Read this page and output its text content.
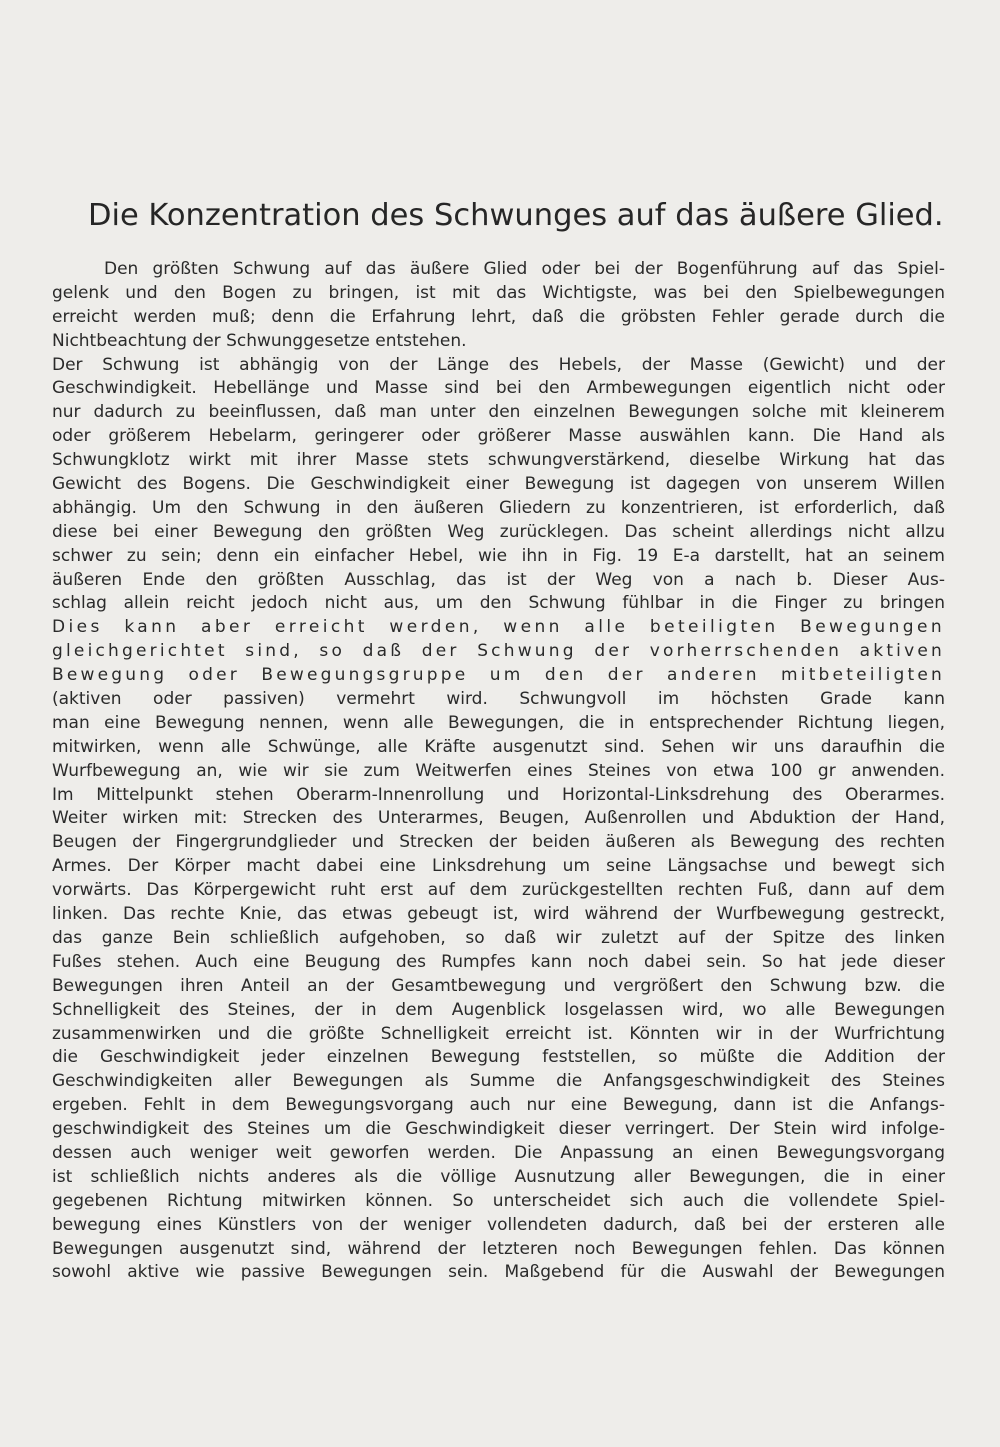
Die Konzentration des Schwunges auf das äußere Glied.
Den größten Schwung auf das äußere Glied oder bei der Bogenführung auf das Spiel-
gelenk und den Bogen zu bringen, ist mit das Wichtigste, was bei den Spielbewegungen
erreicht werden muß; denn die Erfahrung lehrt, daß die gröbsten Fehler gerade durch die
Nichtbeachtung der Schwunggesetze entstehen.
Der Schwung ist abhängig von der Länge des Hebels, der Masse (Gewicht) und der
Geschwindigkeit. Hebellänge und Masse sind bei den Armbewegungen eigentlich nicht oder
nur dadurch zu beeinflussen, daß man unter den einzelnen Bewegungen solche mit kleinerem
oder größerem Hebelarm, geringerer oder größerer Masse auswählen kann. Die Hand als
Schwungklotz wirkt mit ihrer Masse stets schwungverstärkend, dieselbe Wirkung hat das
Gewicht des Bogens. Die Geschwindigkeit einer Bewegung ist dagegen von unserem Willen
abhängig. Um den Schwung in den äußeren Gliedern zu konzentrieren, ist erforderlich, daß
diese bei einer Bewegung den größten Weg zurücklegen. Das scheint allerdings nicht allzu
schwer zu sein; denn ein einfacher Hebel, wie ihn in Fig. 19 E-a darstellt, hat an seinem
äußeren Ende den größten Ausschlag, das ist der Weg von a nach b. Dieser Aus-
schlag allein reicht jedoch nicht aus, um den Schwung fühlbar in die Finger zu bringen
Dies kann aber erreicht werden, wenn alle beteiligten Bewegungen
gleichgerichtet sind, so daß der Schwung der vorherrschenden aktiven
Bewegung oder Bewegungsgruppe um den der anderen mitbeteiligten
(aktiven oder passiven) vermehrt wird. Schwungvoll im höchsten Grade kann
man eine Bewegung nennen, wenn alle Bewegungen, die in entsprechender Richtung liegen,
mitwirken, wenn alle Schwünge, alle Kräfte ausgenutzt sind. Sehen wir uns daraufhin die
Wurfbewegung an, wie wir sie zum Weitwerfen eines Steines von etwa 100 gr anwenden.
Im Mittelpunkt stehen Oberarm-Innenrollung und Horizontal-Linksdrehung des Oberarmes.
Weiter wirken mit: Strecken des Unterarmes, Beugen, Außenrollen und Abduktion der Hand,
Beugen der Fingergrundglieder und Strecken der beiden äußeren als Bewegung des rechten
Armes. Der Körper macht dabei eine Linksdrehung um seine Längsachse und bewegt sich
vorwärts. Das Körpergewicht ruht erst auf dem zurückgestellten rechten Fuß, dann auf dem
linken. Das rechte Knie, das etwas gebeugt ist, wird während der Wurfbewegung gestreckt,
das ganze Bein schließlich aufgehoben, so daß wir zuletzt auf der Spitze des linken
Fußes stehen. Auch eine Beugung des Rumpfes kann noch dabei sein. So hat jede dieser
Bewegungen ihren Anteil an der Gesamtbewegung und vergrößert den Schwung bzw. die
Schnelligkeit des Steines, der in dem Augenblick losgelassen wird, wo alle Bewegungen
zusammenwirken und die größte Schnelligkeit erreicht ist. Könnten wir in der Wurfrichtung
die Geschwindigkeit jeder einzelnen Bewegung feststellen, so müßte die Addition der
Geschwindigkeiten aller Bewegungen als Summe die Anfangsgeschwindigkeit des Steines
ergeben. Fehlt in dem Bewegungsvorgang auch nur eine Bewegung, dann ist die Anfangs-
geschwindigkeit des Steines um die Geschwindigkeit dieser verringert. Der Stein wird infolge-
dessen auch weniger weit geworfen werden. Die Anpassung an einen Bewegungsvorgang
ist schließlich nichts anderes als die völlige Ausnutzung aller Bewegungen, die in einer
gegebenen Richtung mitwirken können. So unterscheidet sich auch die vollendete Spiel-
bewegung eines Künstlers von der weniger vollendeten dadurch, daß bei der ersteren alle
Bewegungen ausgenutzt sind, während der letzteren noch Bewegungen fehlen. Das können
sowohl aktive wie passive Bewegungen sein. Maßgebend für die Auswahl der Bewegungen
